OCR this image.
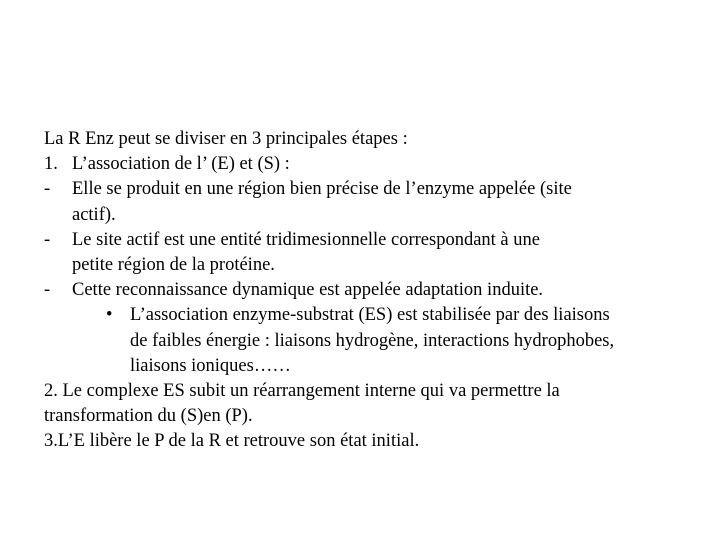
La R Enz peut se diviser en 3 principales étapes :
1. L’association de l’ (E) et (S) :
-	Elle se produit en une région bien précise de l’enzyme appelée (site
actif).
-	Le site actif est une entité tridimesionnelle correspondant à une
petite région de la protéine.
-	Cette reconnaissance dynamique est appelée adaptation induite.
• L’association enzyme-substrat (ES) est stabilisée par des liaisons
de faibles énergie : liaisons hydrogène, interactions hydrophobes,
liaisons ioniques……
2. Le complexe ES subit un réarrangement interne qui va permettre la
transformation du (S)en (P).
3.L’E libère le P de la R et retrouve son état initial.
